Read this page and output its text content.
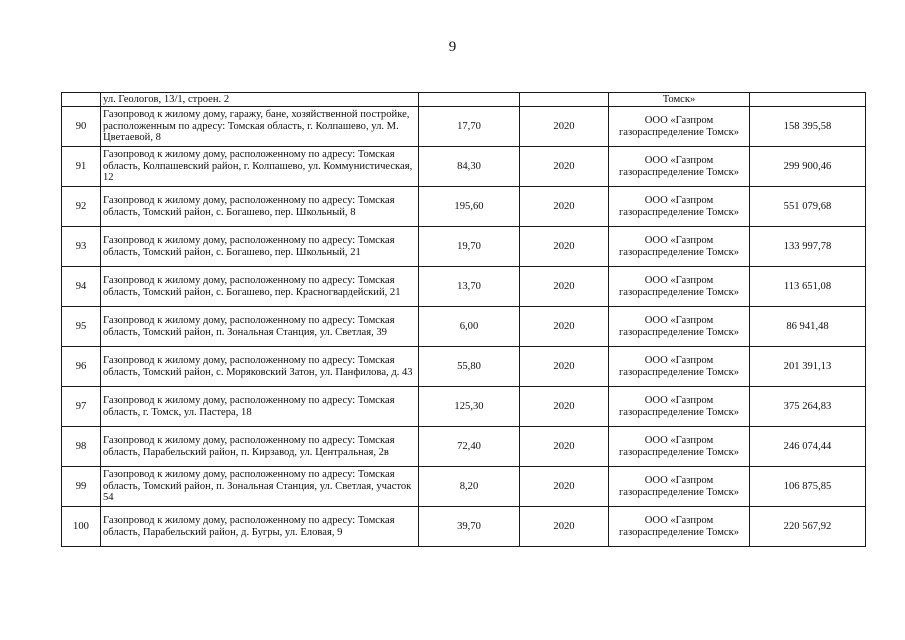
9
	ул. Геологов, 13/1, строен. 2			Томск»	
90	Газопровод к жилому дому, гаражу, бане, хозяйственной постройке, расположенным по адресу: Томская область, г. Колпашево, ул. М. Цветаевой, 8	17,70	2020	ООО «Газпром газораспределение Томск»	158 395,58
91	Газопровод к жилому дому, расположенному по адресу: Томская область, Колпашевский район, г. Колпашево, ул. Коммунистическая, 12	84,30	2020	ООО «Газпром газораспределение Томск»	299 900,46
92	Газопровод к жилому дому, расположенному по адресу: Томская область, Томский район, с. Богашево, пер. Школьный, 8	195,60	2020	ООО «Газпром газораспределение Томск»	551 079,68
93	Газопровод к жилому дому, расположенному по адресу: Томская область, Томский район, с. Богашево, пер. Школьный, 21	19,70	2020	ООО «Газпром газораспределение Томск»	133 997,78
94	Газопровод к жилому дому, расположенному по адресу: Томская область, Томский район, с. Богашево, пер. Красногвардейский, 21	13,70	2020	ООО «Газпром газораспределение Томск»	113 651,08
95	Газопровод к жилому дому, расположенному по адресу: Томская область, Томский район, п. Зональная Станция, ул. Светлая, 39	6,00	2020	ООО «Газпром газораспределение Томск»	86 941,48
96	Газопровод к жилому дому, расположенному по адресу: Томская область, Томский район, с. Моряковский Затон, ул. Панфилова, д. 43	55,80	2020	ООО «Газпром газораспределение Томск»	201 391,13
97	Газопровод к жилому дому, расположенному по адресу: Томская область, г. Томск, ул. Пастера, 18	125,30	2020	ООО «Газпром газораспределение Томск»	375 264,83
98	Газопровод к жилому дому, расположенному по адресу: Томская область, Парабельский район, п. Кирзавод, ул. Центральная, 2в	72,40	2020	ООО «Газпром газораспределение Томск»	246 074,44
99	Газопровод к жилому дому, расположенному по адресу: Томская область, Томский район, п. Зональная Станция, ул. Светлая, участок 54	8,20	2020	ООО «Газпром газораспределение Томск»	106 875,85
100	Газопровод к жилому дому, расположенному по адресу: Томская область, Парабельский район, д. Бугры, ул. Еловая, 9	39,70	2020	ООО «Газпром газораспределение Томск»	220 567,92
